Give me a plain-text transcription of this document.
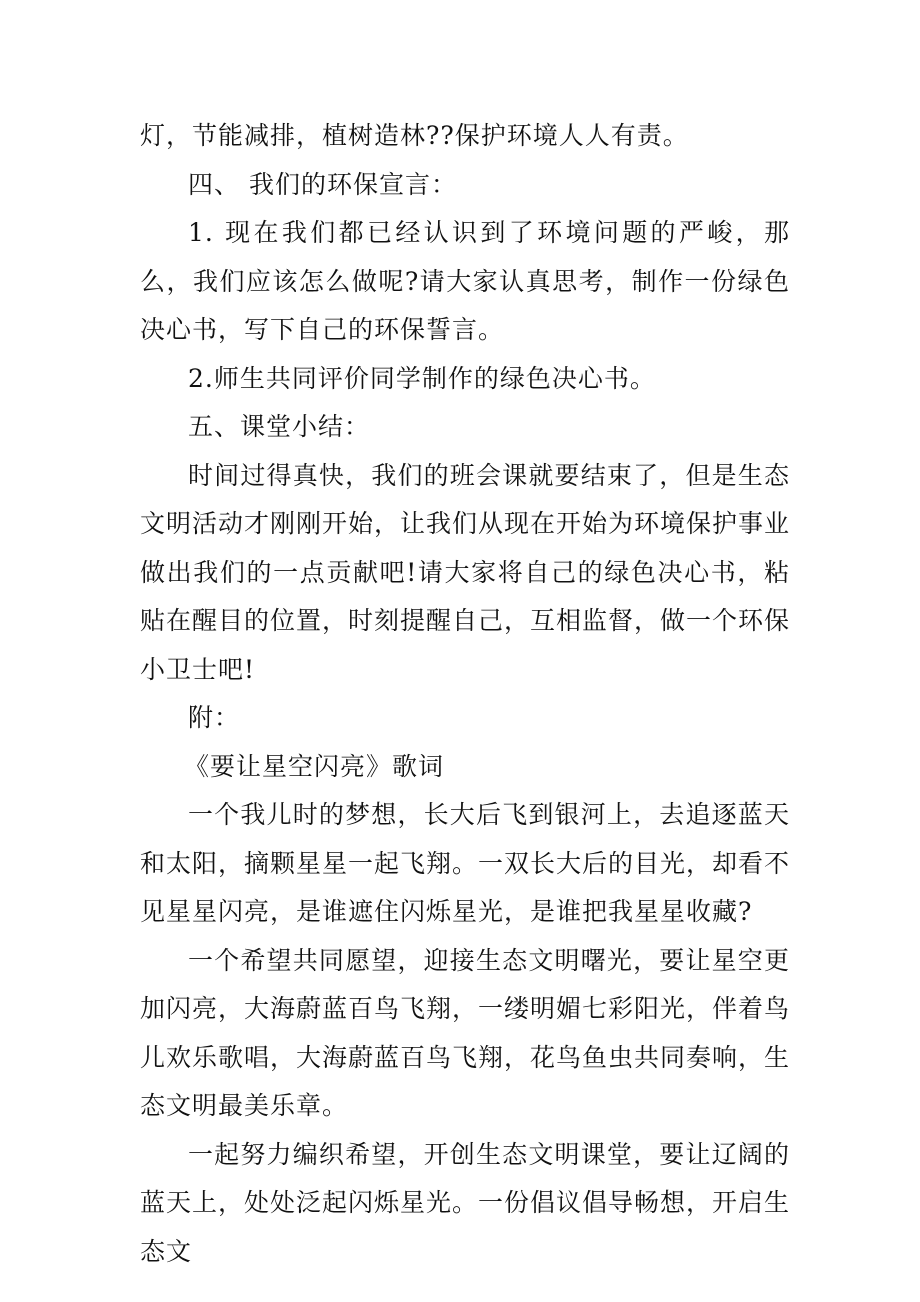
灯，节能减排，植树造林??保护环境人人有责。

四、 我们的环保宣言：

1. 现在我们都已经认识到了环境问题的严峻，那么，我们应该怎么做呢?请大家认真思考，制作一份绿色决心书，写下自己的环保誓言。

2.师生共同评价同学制作的绿色决心书。

五、课堂小结：

时间过得真快，我们的班会课就要结束了，但是生态文明活动才刚刚开始，让我们从现在开始为环境保护事业做出我们的一点贡献吧!请大家将自己的绿色决心书，粘贴在醒目的位置，时刻提醒自己，互相监督，做一个环保小卫士吧!

附：

《要让星空闪亮》歌词

一个我儿时的梦想，长大后飞到银河上，去追逐蓝天和太阳，摘颗星星一起飞翔。一双长大后的目光，却看不见星星闪亮，是谁遮住闪烁星光，是谁把我星星收藏?

一个希望共同愿望，迎接生态文明曙光，要让星空更加闪亮，大海蔚蓝百鸟飞翔，一缕明媚七彩阳光，伴着鸟儿欢乐歌唱，大海蔚蓝百鸟飞翔，花鸟鱼虫共同奏响，生态文明最美乐章。

一起努力编织希望，开创生态文明课堂，要让辽阔的蓝天上，处处泛起闪烁星光。一份倡议倡导畅想，开启生态文
